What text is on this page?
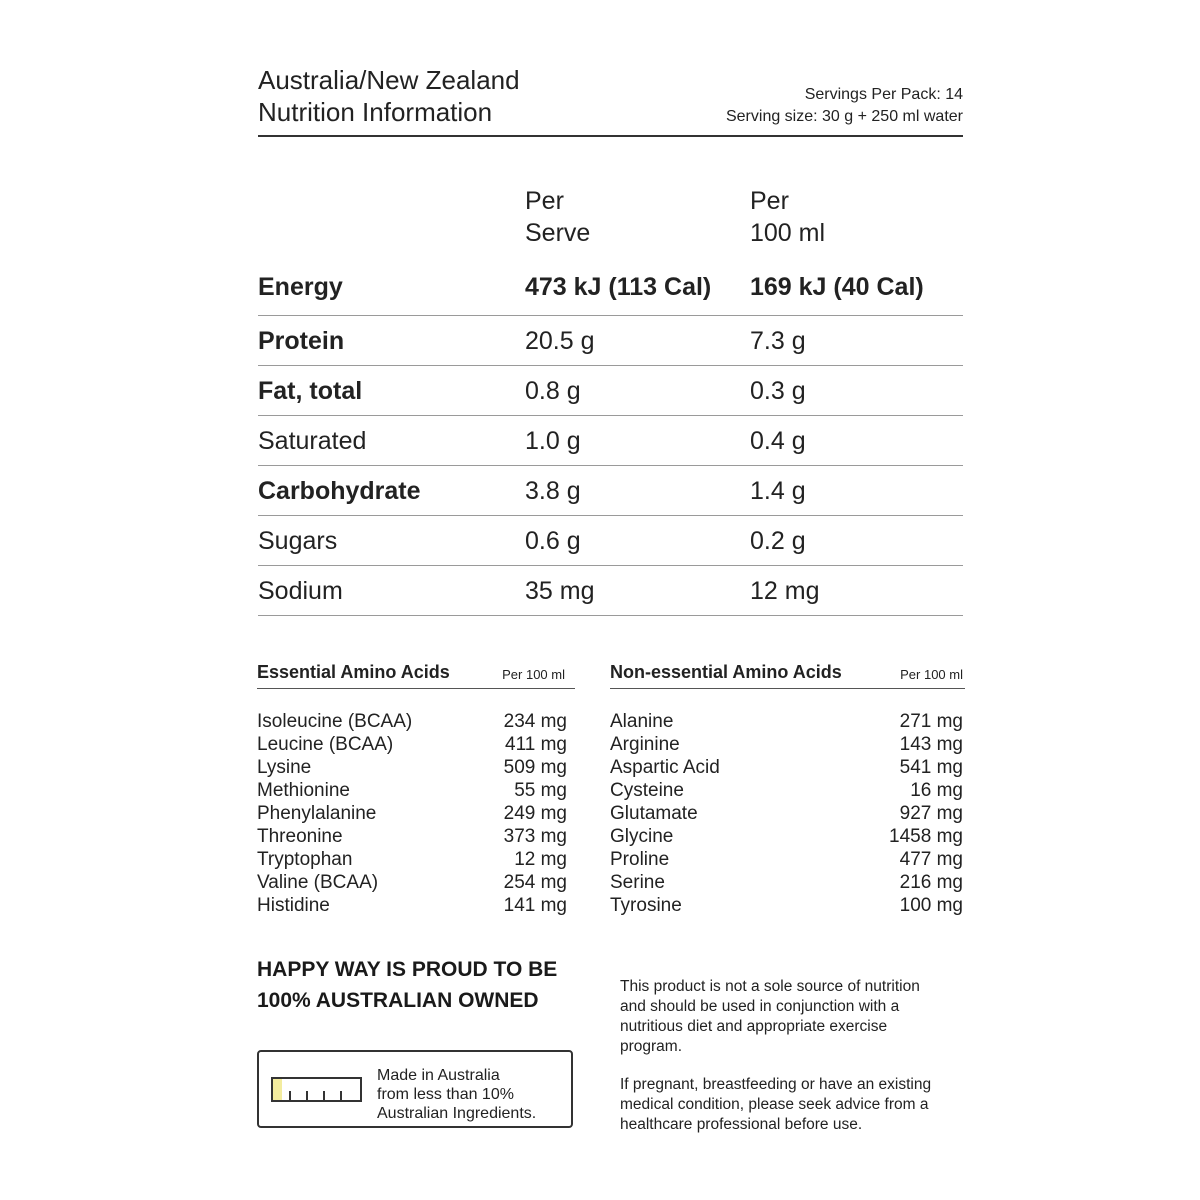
Australia/New Zealand
Nutrition Information
Servings Per Pack: 14
Serving size: 30 g + 250 ml water
Per
Serve
Per
100 ml
Energy	473 kJ (113 Cal) 169 kJ (40 Cal)
Protein	20.5 g	7.3 g
Fat, total	0.8 g	0.3 g
Saturated	1.0 g	0.4 g
Carbohydrate	3.8 g	1.4 g
Sugars	0.6 g	0.2 g
Sodium	35 mg	12 mg
Essential Amino Acids	Per 100 ml
Isoleucine (BCAA)	234 mg
Leucine (BCAA)	411 mg
Lysine	509 mg
Methionine	55 mg
Phenylalanine	249 mg
Threonine	373 mg
Tryptophan	12 mg
Valine (BCAA)	254 mg
Histidine	141 mg
Non-essential Amino Acids	Per 100 ml
Alanine	271 mg
Arginine	143 mg
Aspartic Acid	541 mg
Cysteine	16 mg
Glutamate	927 mg
Glycine	1458 mg
Proline	477 mg
Serine	216 mg
Tyrosine	100 mg
HAPPY WAY IS PROUD TO BE
100% AUSTRALIAN OWNED
Made in Australia
from less than 10%
Australian Ingredients.
This product is not a sole source of nutrition
and should be used in conjunction with a
nutritious diet and appropriate exercise
program.
If pregnant, breastfeeding or have an existing
medical condition, please seek advice from a
healthcare professional before use.
